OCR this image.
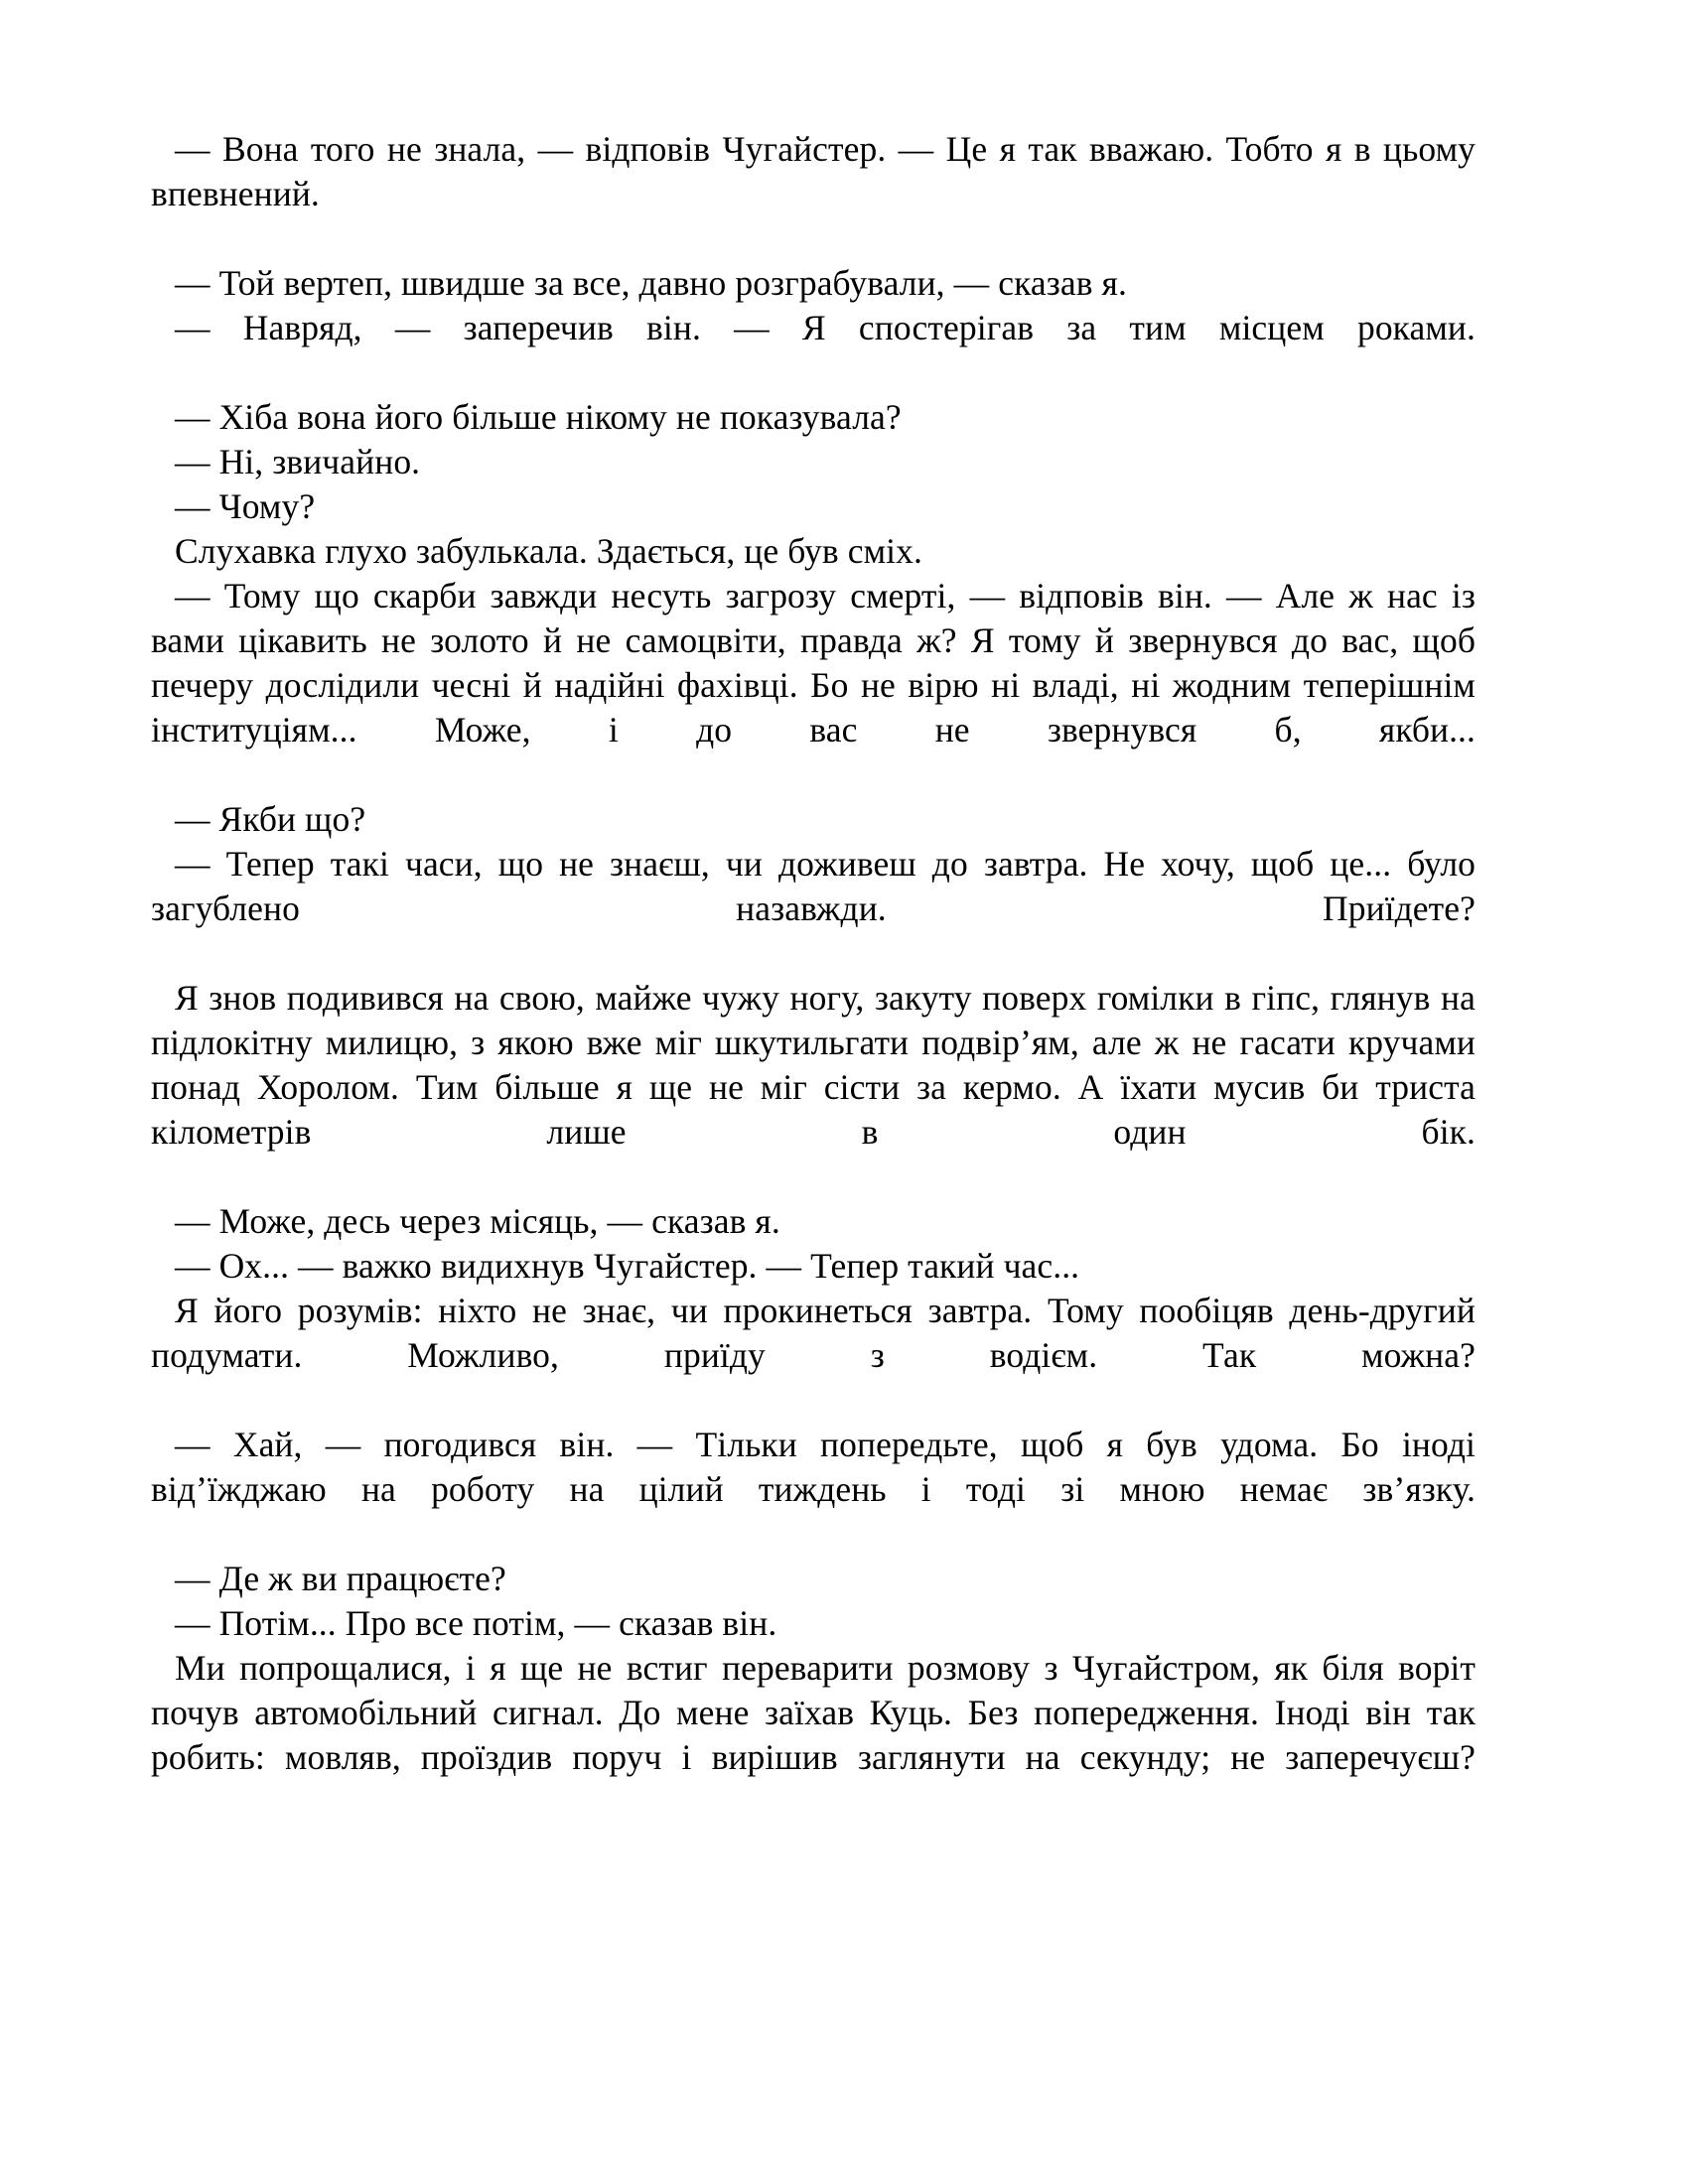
— Вона того не знала, — відповів Чугайстер. — Це я так вважаю. Тобто я в цьому впевнений.

— Той вертеп, швидше за все, давно розграбували, — сказав я.

— Навряд, — заперечив він. — Я спостерігав за тим місцем роками.

— Хіба вона його більше нікому не показувала?

— Ні, звичайно.

— Чому?

Слухавка глухо забулькала. Здається, це був сміх.

— Тому що скарби завжди несуть загрозу смерті, — відповів він. — Але ж нас із вами цікавить не золото й не самоцвіти, правда ж? Я тому й звернувся до вас, щоб печеру дослідили чесні й надійні фахівці. Бо не вірю ні владі, ні жодним теперішнім інституціям... Може, і до вас не звернувся б, якби...

— Якби що?

— Тепер такі часи, що не знаєш, чи доживеш до завтра. Не хочу, щоб це... було загублено назавжди. Приїдете?

Я знов подивився на свою, майже чужу ногу, закуту поверх гомілки в гіпс, глянув на підлокітну милицю, з якою вже міг шкутильгати подвір’ям, але ж не гасати кручами понад Хоролом. Тим більше я ще не міг сісти за кермо. А їхати мусив би триста кілометрів лише в один бік.

— Може, десь через місяць, — сказав я.

— Ох... — важко видихнув Чугайстер. — Тепер такий час...

Я його розумів: ніхто не знає, чи прокинеться завтра. Тому пообіцяв день-другий подумати. Можливо, приїду з водієм. Так можна?

— Хай, — погодився він. — Тільки попередьте, щоб я був удома. Бо іноді від’їжджаю на роботу на цілий тиждень і тоді зі мною немає зв’язку.

— Де ж ви працюєте?

— Потім... Про все потім, — сказав він.

Ми попрощалися, і я ще не встиг переварити розмову з Чугайстром, як біля воріт почув автомобільний сигнал. До мене заїхав Куць. Без попередження. Іноді він так робить: мовляв, проїздив поруч і вирішив заглянути на секунду; не заперечуєш?
